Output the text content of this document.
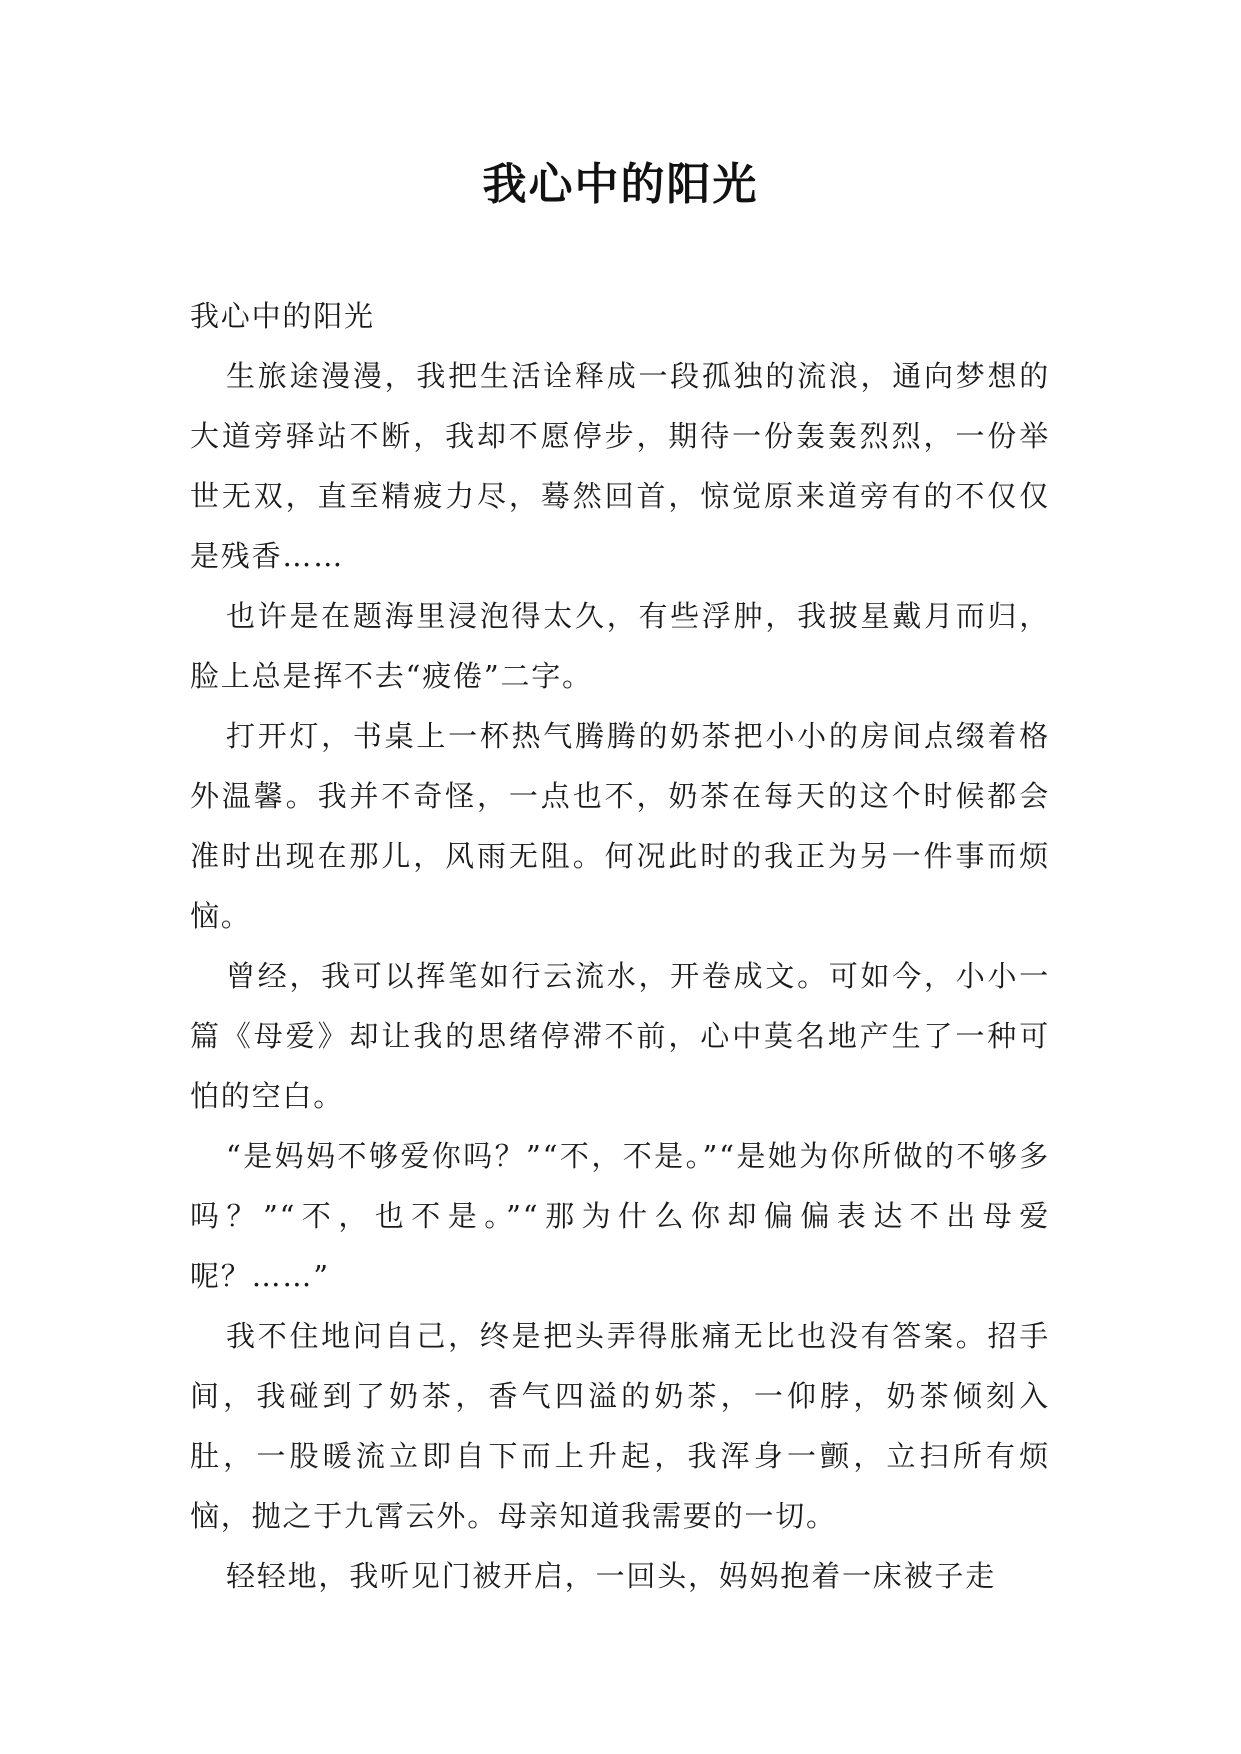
我心中的阳光

我心中的阳光

生旅途漫漫，我把生活诠释成一段孤独的流浪，通向梦想的大道旁驿站不断，我却不愿停步，期待一份轰轰烈烈，一份举世无双，直至精疲力尽，蓦然回首，惊觉原来道旁有的不仅仅是残香……

也许是在题海里浸泡得太久，有些浮肿，我披星戴月而归，脸上总是挥不去“疲倦”二字。

打开灯，书桌上一杯热气腾腾的奶茶把小小的房间点缀着格外温馨。我并不奇怪，一点也不，奶茶在每天的这个时候都会准时出现在那儿，风雨无阻。何况此时的我正为另一件事而烦恼。

曾经，我可以挥笔如行云流水，开卷成文。可如今，小小一篇《母爱》却让我的思绪停滞不前，心中莫名地产生了一种可怕的空白。

“是妈妈不够爱你吗？”“不，不是。”“是她为你所做的不够多吗？”“不，也不是。”“那为什么你却偏偏表达不出母爱呢？……”

我不住地问自己，终是把头弄得胀痛无比也没有答案。招手间，我碰到了奶茶，香气四溢的奶茶，一仰脖，奶茶倾刻入肚，一股暖流立即自下而上升起，我浑身一颤，立扫所有烦恼，抛之于九霄云外。母亲知道我需要的一切。

轻轻地，我听见门被开启，一回头，妈妈抱着一床被子走
